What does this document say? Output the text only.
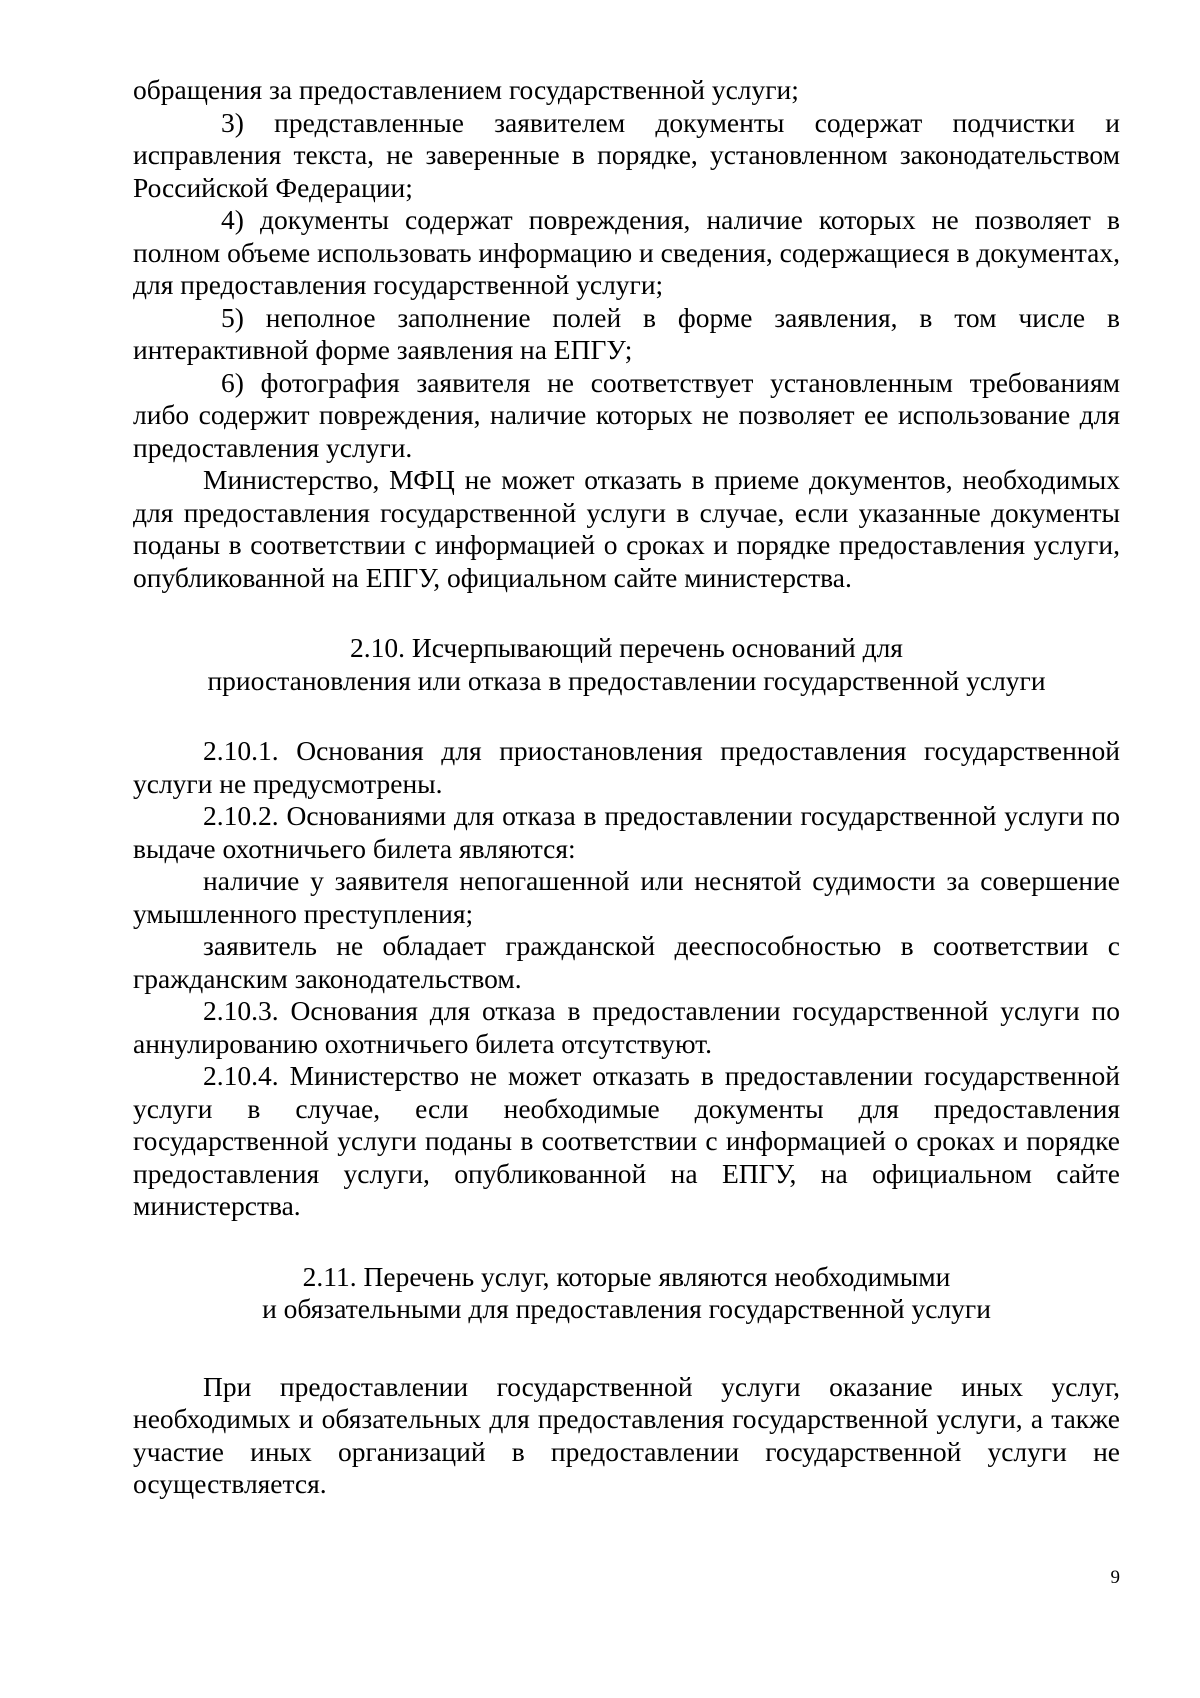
обращения за предоставлением государственной услуги;

3) представленные заявителем документы содержат подчистки и исправления текста, не заверенные в порядке, установленном законодательством Российской Федерации;

4) документы содержат повреждения, наличие которых не позволяет в полном объеме использовать информацию и сведения, содержащиеся в документах, для предоставления государственной услуги;

5) неполное заполнение полей в форме заявления, в том числе в интерактивной форме заявления на ЕПГУ;

6) фотография заявителя не соответствует установленным требованиям либо содержит повреждения, наличие которых не позволяет ее использование для предоставления услуги.

Министерство, МФЦ не может отказать в приеме документов, необходимых для предоставления государственной услуги в случае, если указанные документы поданы в соответствии с информацией о сроках и порядке предоставления услуги, опубликованной на ЕПГУ, официальном сайте министерства.

2.10. Исчерпывающий перечень оснований для

приостановления или отказа в предоставлении государственной услуги

2.10.1. Основания для приостановления предоставления государственной услуги не предусмотрены.

2.10.2. Основаниями для отказа в предоставлении государственной услуги по выдаче охотничьего билета являются:

наличие у заявителя непогашенной или неснятой судимости за совершение умышленного преступления;

заявитель не обладает гражданской дееспособностью в соответствии с гражданским законодательством.

2.10.3. Основания для отказа в предоставлении государственной услуги по аннулированию охотничьего билета отсутствуют.

2.10.4. Министерство не может отказать в предоставлении государственной услуги в случае, если необходимые документы для предоставления государственной услуги поданы в соответствии с информацией о сроках и порядке предоставления услуги, опубликованной на ЕПГУ, на официальном сайте министерства.

2.11. Перечень услуг, которые являются необходимыми

и обязательными для предоставления государственной услуги

При предоставлении государственной услуги оказание иных услуг, необходимых и обязательных для предоставления государственной услуги, а также участие иных организаций в предоставлении государственной услуги не осуществляется.

9
